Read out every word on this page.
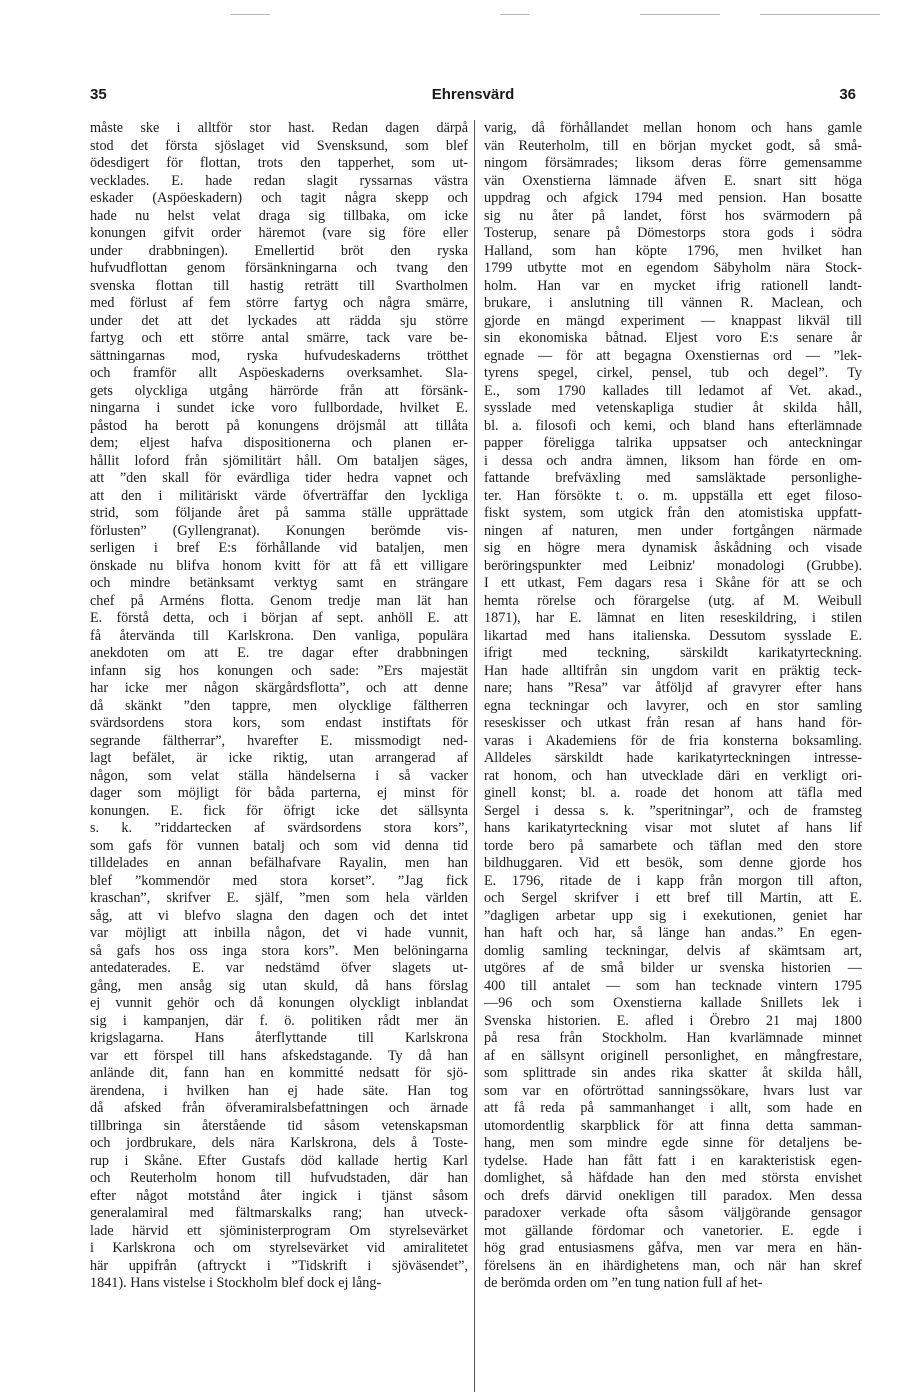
35	Ehrensvärd	36
måste ske i alltför stor hast. Redan dagen därpå
stod det första sjöslaget vid Svensksund, som blef
ödesdigert för flottan, trots den tapperhet, som ut-
vecklades. E. hade redan slagit ryssarnas västra
eskader (Aspöeskadern) och tagit några skepp och
hade nu helst velat draga sig tillbaka, om icke
konungen gifvit order häremot (vare sig före eller
under drabbningen). Emellertid bröt den ryska
hufvudflottan genom försänkningarna och tvang den
svenska flottan till hastig reträtt till Svartholmen
med förlust af fem större fartyg och några smärre,
under det att det lyckades att rädda sju större
fartyg och ett större antal smärre, tack vare be-
sättningarnas mod, ryska hufvudeskaderns trötthet
och framför allt Aspöeskaderns overksamhet. Sla-
gets olyckliga utgång härrörde från att försänk-
ningarna i sundet icke voro fullbordade, hvilket E.
påstod ha berott på konungens dröjsmål att tillåta
dem; eljest hafva dispositionerna och planen er-
hållit loford från sjömilitärt håll. Om bataljen säges,
att ”den skall för evärdliga tider hedra vapnet och
att den i militäriskt värde öfverträffar den lyckliga
strid, som följande året på samma ställe upprättade
förlusten” (Gyllengranat). Konungen berömde vis-
serligen i bref E:s förhållande vid bataljen, men
önskade nu blifva honom kvitt för att få ett villigare
och mindre betänksamt verktyg samt en strängare
chef på Arméns flotta. Genom tredje man lät han
E. förstå detta, och i början af sept. anhöll E. att
få återvända till Karlskrona. Den vanliga, populära
anekdoten om att E. tre dagar efter drabbningen
infann sig hos konungen och sade: ”Ers majestät
har icke mer någon skärgårdsflotta”, och att denne
då skänkt ”den tappre, men olycklige fältherren
svärdsordens stora kors, som endast instiftats för
segrande fältherrar”, hvarefter E. missmodigt ned-
lagt befälet, är icke riktig, utan arrangerad af
någon, som velat ställa händelserna i så vacker
dager som möjligt för båda parterna, ej minst för
konungen. E. fick för öfrigt icke det sällsynta
s. k. ”riddartecken af svärdsordens stora kors”,
som gafs för vunnen batalj och som vid denna tid
tilldelades en annan befälhafvare Rayalin, men han
blef ”kommendör med stora korset”. ”Jag fick
kraschan”, skrifver E. själf, ”men som hela världen
såg, att vi blefvo slagna den dagen och det intet
var möjligt att inbilla någon, det vi hade vunnit,
så gafs hos oss inga stora kors”. Men belöningarna
antedaterades. E. var nedstämd öfver slagets ut-
gång, men ansåg sig utan skuld, då hans förslag
ej vunnit gehör och då konungen olyckligt inblandat
sig i kampanjen, där f. ö. politiken rådt mer än
krigslagarna. Hans återflyttande till Karlskrona
var ett förspel till hans afskedstagande. Ty då han
anlände dit, fann han en kommitté nedsatt för sjö-
ärendena, i hvilken han ej hade säte. Han tog
då afsked från öfveramiralsbefattningen och ärnade
tillbringa sin återstående tid såsom vetenskapsman
och jordbrukare, dels nära Karlskrona, dels å Toste-
rup i Skåne. Efter Gustafs död kallade hertig Karl
och Reuterholm honom till hufvudstaden, där han
efter något motstånd åter ingick i tjänst såsom
generalamiral med fältmarskalks rang; han utveck-
lade härvid ett sjöministerprogram Om styrelsevärket
i Karlskrona och om styrelsevärket vid amiralitetet
här uppifrån (aftryckt i ”Tidskrift i sjöväsendet”,
1841). Hans vistelse i Stockholm blef dock ej lång-
varig, då förhållandet mellan honom och hans gamle
vän Reuterholm, till en början mycket godt, så små-
ningom försämrades; liksom deras förre gemensamme
vän Oxenstierna lämnade äfven E. snart sitt höga
uppdrag och afgick 1794 med pension. Han bosatte
sig nu åter på landet, först hos svärmodern på
Tosterup, senare på Dömestorps stora gods i södra
Halland, som han köpte 1796, men hvilket han
1799 utbytte mot en egendom Säbyholm nära Stock-
holm. Han var en mycket ifrig rationell landt-
brukare, i anslutning till vännen R. Maclean, och
gjorde en mängd experiment — knappast likväl till
sin ekonomiska båtnad. Eljest voro E:s senare år
egnade — för att begagna Oxenstiernas ord — ”lek-
tyrens spegel, cirkel, pensel, tub och degel”. Ty
E., som 1790 kallades till ledamot af Vet. akad.,
sysslade med vetenskapliga studier åt skilda håll,
bl. a. filosofi och kemi, och bland hans efterlämnade
papper föreligga talrika uppsatser och anteckningar
i dessa och andra ämnen, liksom han förde en om-
fattande brefväxling med samsläktade personlighe-
ter. Han försökte t. o. m. uppställa ett eget filoso-
fiskt system, som utgick från den atomistiska uppfatt-
ningen af naturen, men under fortgången närmade
sig en högre mera dynamisk åskådning och visade
beröringspunkter med Leibniz' monadologi (Grubbe).
I ett utkast, Fem dagars resa i Skåne för att se och
hemta rörelse och förargelse (utg. af M. Weibull
1871), har E. lämnat en liten reseskildring, i stilen
likartad med hans italienska. Dessutom sysslade E.
ifrigt med teckning, särskildt karikatyrteckning.
Han hade alltifrån sin ungdom varit en präktig teck-
nare; hans ”Resa” var åtföljd af gravyrer efter hans
egna teckningar och lavyrer, och en stor samling
reseskisser och utkast från resan af hans hand för-
varas i Akademiens för de fria konsterna boksamling.
Alldeles särskildt hade karikatyrteckningen intresse-
rat honom, och han utvecklade däri en verkligt ori-
ginell konst; bl. a. roade det honom att täfla med
Sergel i dessa s. k. ”speritningar”, och de framsteg
hans karikatyrteckning visar mot slutet af hans lif
torde bero på samarbete och täflan med den store
bildhuggaren. Vid ett besök, som denne gjorde hos
E. 1796, ritade de i kapp från morgon till afton,
och Sergel skrifver i ett bref till Martin, att E.
”dagligen arbetar upp sig i exekutionen, geniet har
han haft och har, så länge han andas.” En egen-
domlig samling teckningar, delvis af skämtsam art,
utgöres af de små bilder ur svenska historien —
400 till antalet — som han tecknade vintern 1795
—96 och som Oxenstierna kallade Snillets lek i
Svenska historien. E. afled i Örebro 21 maj 1800
på resa från Stockholm. Han kvarlämnade minnet
af en sällsynt originell personlighet, en mångfrestare,
som splittrade sin andes rika skatter åt skilda håll,
som var en oförtröttad sanningssökare, hvars lust var
att få reda på sammanhanget i allt, som hade en
utomordentlig skarpblick för att finna detta samman-
hang, men som mindre egde sinne för detaljens be-
tydelse. Hade han fått fatt i en karakteristisk egen-
domlighet, så häfdade han den med största envishet
och drefs därvid onekligen till paradox. Men dessa
paradoxer verkade ofta såsom väljgörande gensagor
mot gällande fördomar och vanetorier. E. egde i
hög grad entusiasmens gåfva, men var mera en hän-
förelsens än en ihärdighetens man, och när han skref
de berömda orden om ”en tung nation full af het-
